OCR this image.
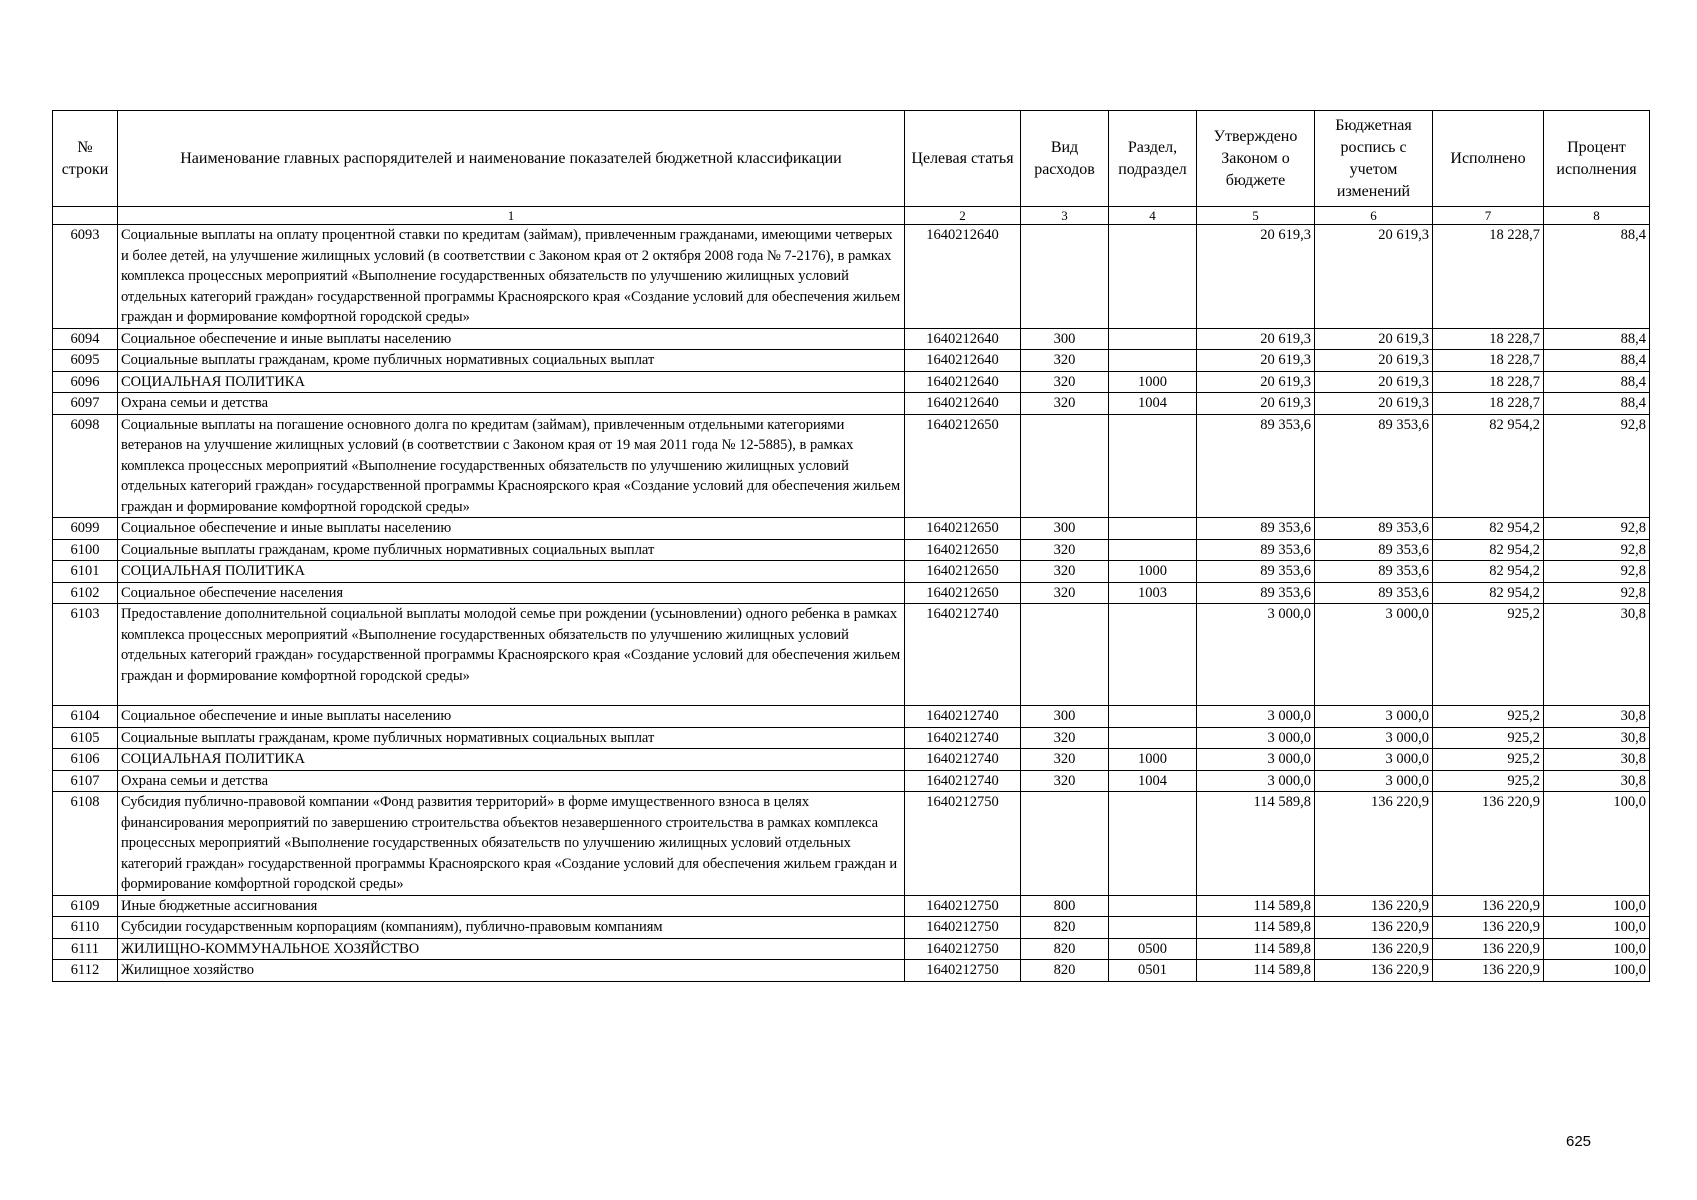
№ строки	Наименование главных распорядителей и наименование показателей бюджетной классификации	Целевая статья	Вид расходов	Раздел, подраздел	Утверждено Законом о бюджете	Бюджетная роспись с учетом изменений	Исполнено	Процент исполнения
	1	2	3	4	5	6	7	8
6093	Социальные выплаты на оплату процентной ставки по кредитам (займам), привлеченным гражданами, имеющими четверых и более детей, на улучшение жилищных условий (в соответствии с Законом края от 2 октября 2008 года № 7-2176), в рамках комплекса процессных мероприятий «Выполнение государственных обязательств по улучшению жилищных условий отдельных категорий граждан» государственной программы Красноярского края «Создание условий для обеспечения жильем граждан и формирование комфортной городской среды»	1640212640			20 619,3	20 619,3	18 228,7	88,4
6094	Социальное обеспечение и иные выплаты населению	1640212640	300		20 619,3	20 619,3	18 228,7	88,4
6095	Социальные выплаты гражданам, кроме публичных нормативных социальных выплат	1640212640	320		20 619,3	20 619,3	18 228,7	88,4
6096	СОЦИАЛЬНАЯ ПОЛИТИКА	1640212640	320	1000	20 619,3	20 619,3	18 228,7	88,4
6097	Охрана семьи и детства	1640212640	320	1004	20 619,3	20 619,3	18 228,7	88,4
6098	Социальные выплаты на погашение основного долга по кредитам (займам), привлеченным отдельными категориями ветеранов на улучшение жилищных условий (в соответствии с Законом края от 19 мая 2011 года № 12-5885), в рамках комплекса процессных мероприятий «Выполнение государственных обязательств по улучшению жилищных условий отдельных категорий граждан» государственной программы Красноярского края «Создание условий для обеспечения жильем граждан и формирование комфортной городской среды»	1640212650			89 353,6	89 353,6	82 954,2	92,8
6099	Социальное обеспечение и иные выплаты населению	1640212650	300		89 353,6	89 353,6	82 954,2	92,8
6100	Социальные выплаты гражданам, кроме публичных нормативных социальных выплат	1640212650	320		89 353,6	89 353,6	82 954,2	92,8
6101	СОЦИАЛЬНАЯ ПОЛИТИКА	1640212650	320	1000	89 353,6	89 353,6	82 954,2	92,8
6102	Социальное обеспечение населения	1640212650	320	1003	89 353,6	89 353,6	82 954,2	92,8
6103	Предоставление дополнительной социальной выплаты молодой семье при рождении (усыновлении) одного ребенка в рамках комплекса процессных мероприятий «Выполнение государственных обязательств по улучшению жилищных условий отдельных категорий граждан» государственной программы Красноярского края «Создание условий для обеспечения жильем граждан и формирование комфортной городской среды»	1640212740			3 000,0	3 000,0	925,2	30,8
6104	Социальное обеспечение и иные выплаты населению	1640212740	300		3 000,0	3 000,0	925,2	30,8
6105	Социальные выплаты гражданам, кроме публичных нормативных социальных выплат	1640212740	320		3 000,0	3 000,0	925,2	30,8
6106	СОЦИАЛЬНАЯ ПОЛИТИКА	1640212740	320	1000	3 000,0	3 000,0	925,2	30,8
6107	Охрана семьи и детства	1640212740	320	1004	3 000,0	3 000,0	925,2	30,8
6108	Субсидия публично-правовой компании «Фонд развития территорий» в форме имущественного взноса в целях финансирования мероприятий по завершению строительства объектов незавершенного строительства в рамках комплекса процессных мероприятий «Выполнение государственных обязательств по улучшению жилищных условий отдельных категорий граждан» государственной программы Красноярского края «Создание условий для обеспечения жильем граждан и формирование комфортной городской среды»	1640212750			114 589,8	136 220,9	136 220,9	100,0
6109	Иные бюджетные ассигнования	1640212750	800		114 589,8	136 220,9	136 220,9	100,0
6110	Субсидии государственным корпорациям (компаниям), публично-правовым компаниям	1640212750	820		114 589,8	136 220,9	136 220,9	100,0
6111	ЖИЛИЩНО-КОММУНАЛЬНОЕ ХОЗЯЙСТВО	1640212750	820	0500	114 589,8	136 220,9	136 220,9	100,0
6112	Жилищное хозяйство	1640212750	820	0501	114 589,8	136 220,9	136 220,9	100,0
625
